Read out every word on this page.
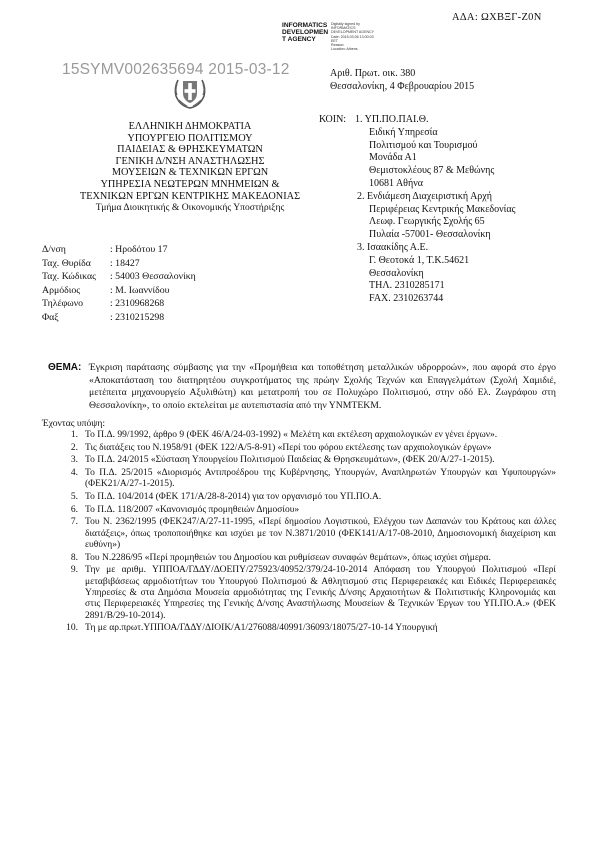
ΑΔΑ: ΩΧΒΞΓ-Ζ0Ν
INFORMATICS
DEVELOPMEN
T AGENCY
Digitally signed by
INFORMATICS
DEVELOPMENT AGENCY
Date: 2015.03.06 13:00:03
EET
Reason:
Location: Athens
15SYMV002635694 2015-03-12	Αριθ. Πρωτ. οικ. 380
Θεσσαλονίκη, 4 Φεβρουαρίου 2015
ΕΛΛΗΝΙΚΗ ΔΗΜΟΚΡΑΤΙΑ
ΥΠΟΥΡΓΕΙΟ ΠΟΛΙΤΙΣΜΟΥ
ΠΑΙΔΕΙΑΣ & ΘΡΗΣΚΕΥΜΑΤΩΝ
ΓΕΝΙΚΗ Δ/ΝΣΗ ΑΝΑΣΤΗΛΩΣΗΣ
ΜΟΥΣΕΙΩΝ & ΤΕΧΝΙΚΩΝ ΕΡΓΩΝ
ΥΠΗΡΕΣΙΑ ΝΕΩΤΕΡΩΝ ΜΝΗΜΕΙΩΝ &
ΤΕΧΝΙΚΩΝ ΕΡΓΩΝ ΚΕΝΤΡΙΚΗΣ ΜΑΚΕΔΟΝΙΑΣ
Τμήμα Διοικητικής & Οικονομικής Υποστήριξης
ΚΟΙΝ: 1. ΥΠ.ΠΟ.ΠΑΙ.Θ.
Ειδική Υπηρεσία
Πολιτισμού και Τουρισμού
Μονάδα Α1
Θεμιστοκλέους 87 & Μεθώνης
10681 Αθήνα
2. Ενδιάμεση Διαχειριστική Αρχή
Περιφέρειας Κεντρικής Μακεδονίας
Λεωφ. Γεωργικής Σχολής 65
Πυλαία -57001- Θεσσαλονίκη
3. Ισαακίδης Α.Ε.
Γ. Θεοτοκά 1, Τ.Κ.54621
Θεσσαλονίκη
ΤΗΛ. 2310285171
FAX. 2310263744
Δ/νση	: Ηροδότου 17
Ταχ. Θυρίδα	: 18427
Ταχ. Κώδικας	: 54003 Θεσσαλονίκη
Αρμόδιος	: Μ. Ιωαννίδου
Τηλέφωνο	: 2310968268
Φαξ	: 2310215298
ΘΕΜΑ: Έγκριση παράτασης σύμβασης για την «Προμήθεια και τοποθέτηση μεταλλικών υδρορροών», που αφορά στο έργο «Αποκατάσταση του διατηρητέου συγκροτήματος της πρώην Σχολής Τεχνών και Επαγγελμάτων (Σχολή Χαμιδιέ, μετέπειτα μηχανουργείο Αξυλιθώτη) και μετατροπή του σε Πολυχώρο Πολιτισμού, στην οδό Ελ. Ζωγράφου στη Θεσσαλονίκη», το οποίο εκτελείται με αυτεπιστασία από την ΥΝΜΤΕΚΜ.
Έχοντας υπόψη:
1. Το Π.Δ. 99/1992, άρθρο 9 (ΦΕΚ 46/Α/24-03-1992) « Μελέτη και εκτέλεση αρχαιολογικών εν γένει έργων».
2. Τις διατάξεις του Ν.1958/91 (ΦΕΚ 122/Α/5-8-91) «Περί του φόρου εκτέλεσης των αρχαιολογικών έργων»
3. Το Π.Δ. 24/2015 «Σύσταση Υπουργείου Πολιτισμού Παιδείας & Θρησκευμάτων», (ΦΕΚ 20/Α/27-1-2015).
4. Το Π.Δ. 25/2015 «Διορισμός Αντιπροέδρου της Κυβέρνησης, Υπουργών, Αναπληρωτών Υπουργών και Υφυπουργών» (ΦΕΚ21/Α/27-1-2015).
5. Το Π.Δ. 104/2014 (ΦΕΚ 171/Α/28-8-2014) για τον οργανισμό του ΥΠ.ΠΟ.Α.
6. Το Π.Δ. 118/2007 «Κανονισμός προμηθειών Δημοσίου»
7. Του Ν. 2362/1995 (ΦΕΚ247/Α/27-11-1995, «Περί δημοσίου Λογιστικού, Ελέγχου των Δαπανών του Κράτους και άλλες διατάξεις», όπως τροποποιήθηκε και ισχύει με τον Ν.3871/2010 (ΦΕΚ141/Α/17-08-2010, Δημοσιονομική διαχείριση και ευθύνη»)
8. Του Ν.2286/95 «Περί προμηθειών του Δημοσίου και ρυθμίσεων συναφών θεμάτων», όπως ισχύει σήμερα.
9. Την με αριθμ. ΥΠΠΟΑ/ΓΔΔΥ/ΔΟΕΠΥ/275923/40952/379/24-10-2014 Απόφαση του Υπουργού Πολιτισμού «Περί μεταβιβάσεως αρμοδιοτήτων του Υπουργού Πολιτισμού & Αθλητισμού στις Περιφερειακές και Ειδικές Περιφερειακές Υπηρεσίες & στα Δημόσια Μουσεία αρμοδιότητας της Γενικής Δ/νσης Αρχαιοτήτων & Πολιτιστικής Κληρονομιάς και στις Περιφερειακές Υπηρεσίες της Γενικής Δ/νσης Αναστήλωσης Μουσείων & Τεχνικών Έργων του ΥΠ.ΠΟ.Α.» (ΦΕΚ 2891/Β/29-10-2014).
10. Τη με αρ.πρωτ.ΥΠΠΟΑ/ΓΔΔΥ/ΔΙΟΙΚ/Α1/276088/40991/36093/18075/27-10-14 Υπουργική
